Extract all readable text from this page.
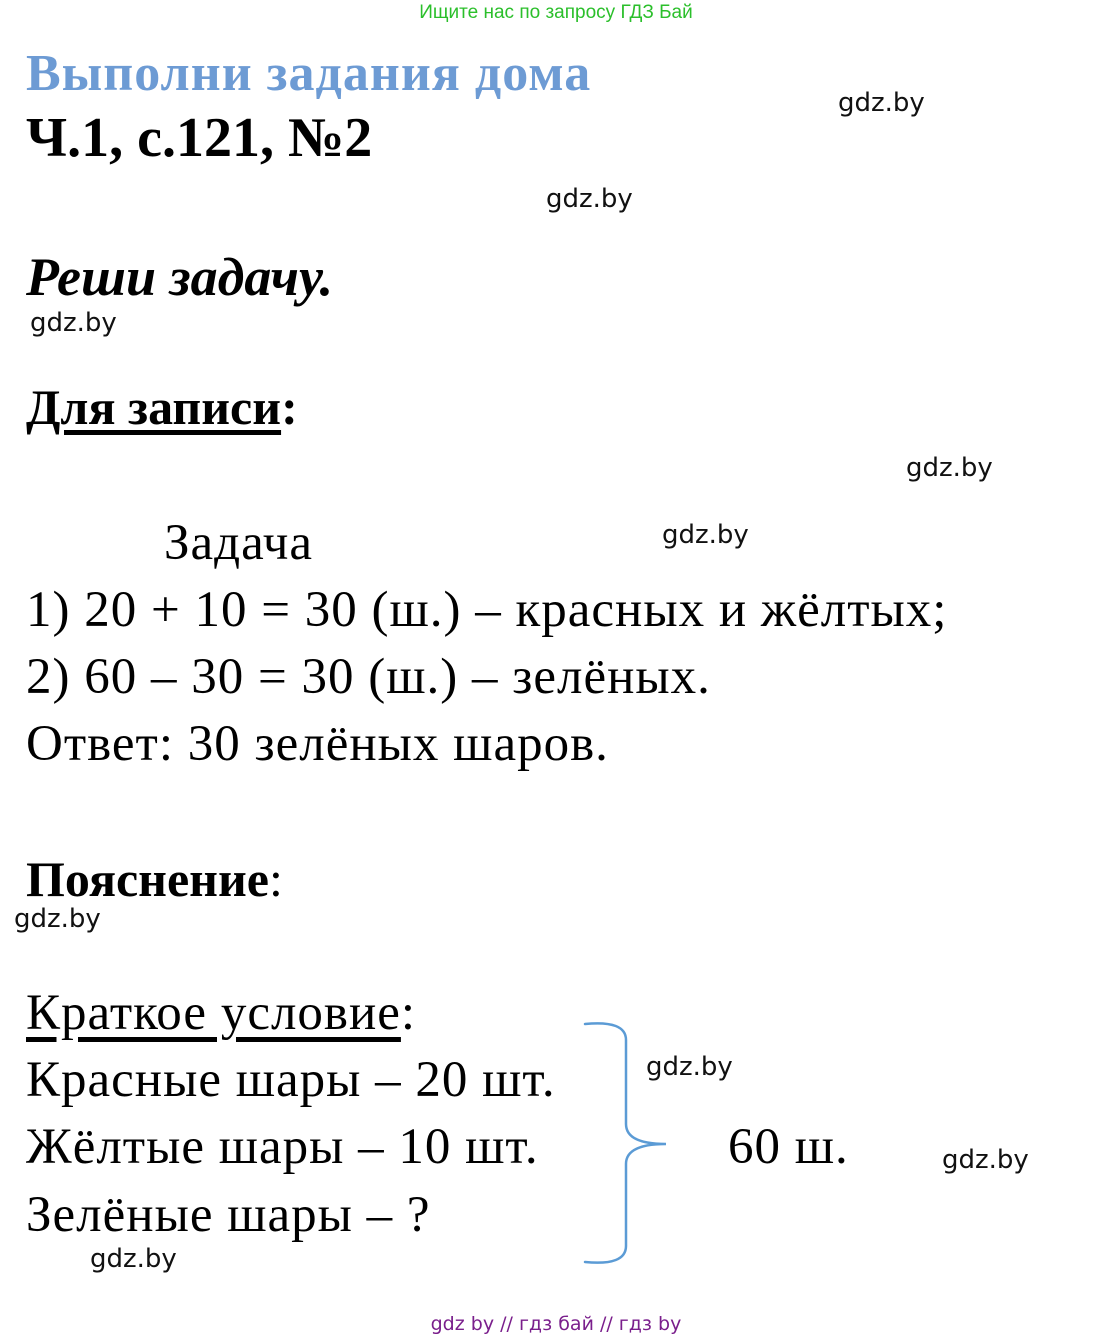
Ищите нас по запросу ГДЗ Бай
Выполни задания дома
Ч.1, с.121, №2
Реши задачу.
Для записи:
Задача
1) 20 + 10 = 30 (ш.) – красных и жёлтых;
2) 60 – 30 = 30 (ш.) – зелёных.
Ответ: 30 зелёных шаров.
Пояснение:
Краткое условие:
Красные шары – 20 шт.
Жёлтые шары – 10 шт.
Зелёные шары – ?
60 ш.
gdz.by
gdz.by
gdz.by
gdz.by
gdz.by
gdz.by
gdz.by
gdz.by
gdz.by
gdz by // гдз бай // гдз by
